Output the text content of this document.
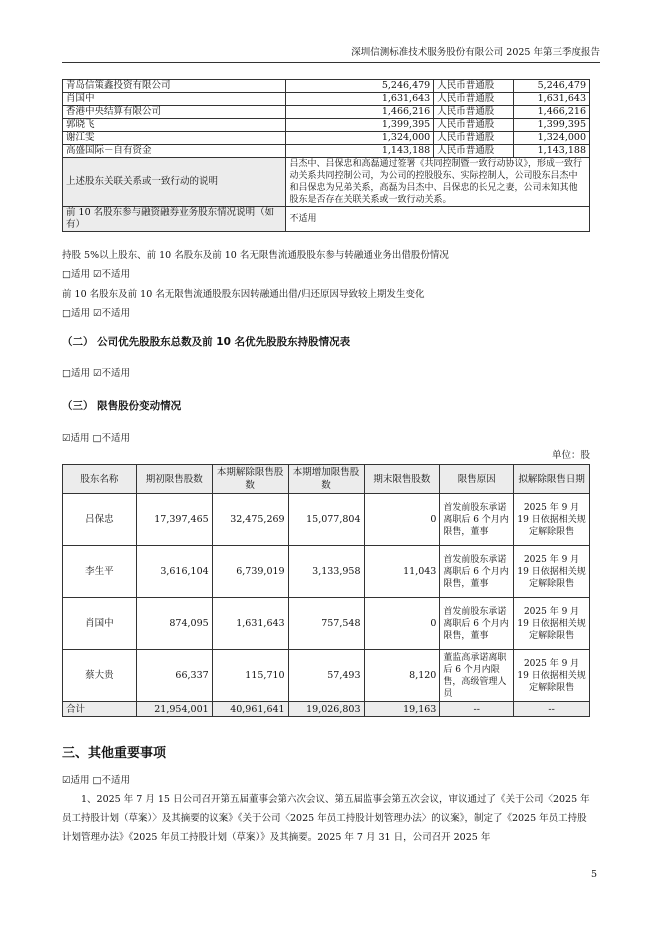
深圳信测标准技术服务股份有限公司 2025 年第三季度报告
青岛信策鑫投资有限公司	5,246,479	人民币普通股	5,246,479
肖国中	1,631,643	人民币普通股	1,631,643
香港中央结算有限公司	1,466,216	人民币普通股	1,466,216
郭晓飞	1,399,395	人民币普通股	1,399,395
谢江雯	1,324,000	人民币普通股	1,324,000
高盛国际－自有资金	1,143,188	人民币普通股	1,143,188
上述股东关联关系或一致行动的说明	吕杰中、吕保忠和高磊通过签署《共同控制暨一致行动协议》，形成一致行动关系共同控制公司，为公司的控股股东、实际控制人，公司股东吕杰中和吕保忠为兄弟关系，高磊为吕杰中、吕保忠的长兄之妻，公司未知其他股东是否存在关联关系或一致行动关系。		
前 10 名股东参与融资融券业务股东情况说明（如有）	不适用		
持股 5%以上股东、前 10 名股东及前 10 名无限售流通股股东参与转融通业务出借股份情况
□适用 ☑不适用
前 10 名股东及前 10 名无限售流通股股东因转融通出借/归还原因导致较上期发生变化
□适用 ☑不适用
（二） 公司优先股股东总数及前 10 名优先股股东持股情况表
□适用 ☑不适用
（三） 限售股份变动情况
☑适用 □不适用
单位：股
股东名称	期初限售股数	本期解除限售股数	本期增加限售股数	期末限售股数	限售原因	拟解除限售日期
吕保忠	17,397,465	32,475,269	15,077,804	0	首发前股东承诺离职后 6 个月内限售，董事	2025 年 9 月 19 日依据相关规定解除限售
李生平	3,616,104	6,739,019	3,133,958	11,043	首发前股东承诺离职后 6 个月内限售，董事	2025 年 9 月 19 日依据相关规定解除限售
肖国中	874,095	1,631,643	757,548	0	首发前股东承诺离职后 6 个月内限售，董事	2025 年 9 月 19 日依据相关规定解除限售
蔡大贵	66,337	115,710	57,493	8,120	董监高承诺离职后 6 个月内限售，高级管理人员	2025 年 9 月 19 日依据相关规定解除限售
合计	21,954,001	40,961,641	19,026,803	19,163	--	--
三、其他重要事项
☑适用 □不适用
1、2025 年 7 月 15 日公司召开第五届董事会第六次会议、第五届监事会第五次会议，审议通过了《关于公司〈2025 年员工持股计划（草案）〉及其摘要的议案》《关于公司〈2025 年员工持股计划管理办法〉的议案》，制定了《2025 年员工持股计划管理办法》《2025 年员工持股计划（草案）》及其摘要。2025 年 7 月 31 日，公司召开 2025 年
5
